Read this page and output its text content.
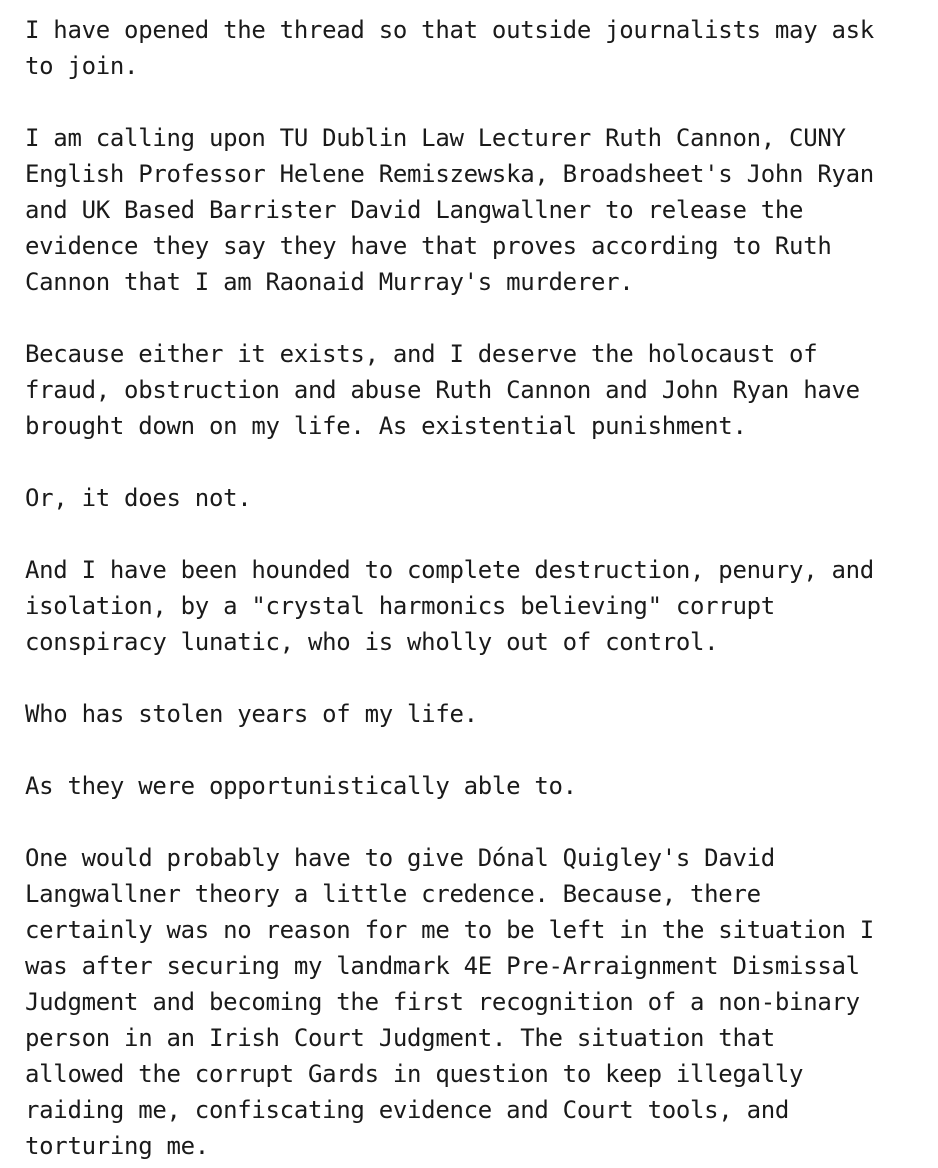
I have opened the thread so that outside journalists may ask
to join.

I am calling upon TU Dublin Law Lecturer Ruth Cannon, CUNY
English Professor Helene Remiszewska, Broadsheet's John Ryan
and UK Based Barrister David Langwallner to release the
evidence they say they have that proves according to Ruth
Cannon that I am Raonaid Murray's murderer.

Because either it exists, and I deserve the holocaust of
fraud, obstruction and abuse Ruth Cannon and John Ryan have
brought down on my life. As existential punishment.

Or, it does not.

And I have been hounded to complete destruction, penury, and
isolation, by a "crystal harmonics believing" corrupt
conspiracy lunatic, who is wholly out of control.

Who has stolen years of my life.

As they were opportunistically able to.

One would probably have to give Dónal Quigley's David
Langwallner theory a little credence. Because, there
certainly was no reason for me to be left in the situation I
was after securing my landmark 4E Pre-Arraignment Dismissal
Judgment and becoming the first recognition of a non-binary
person in an Irish Court Judgment. The situation that
allowed the corrupt Gards in question to keep illegally
raiding me, confiscating evidence and Court tools, and
torturing me.
